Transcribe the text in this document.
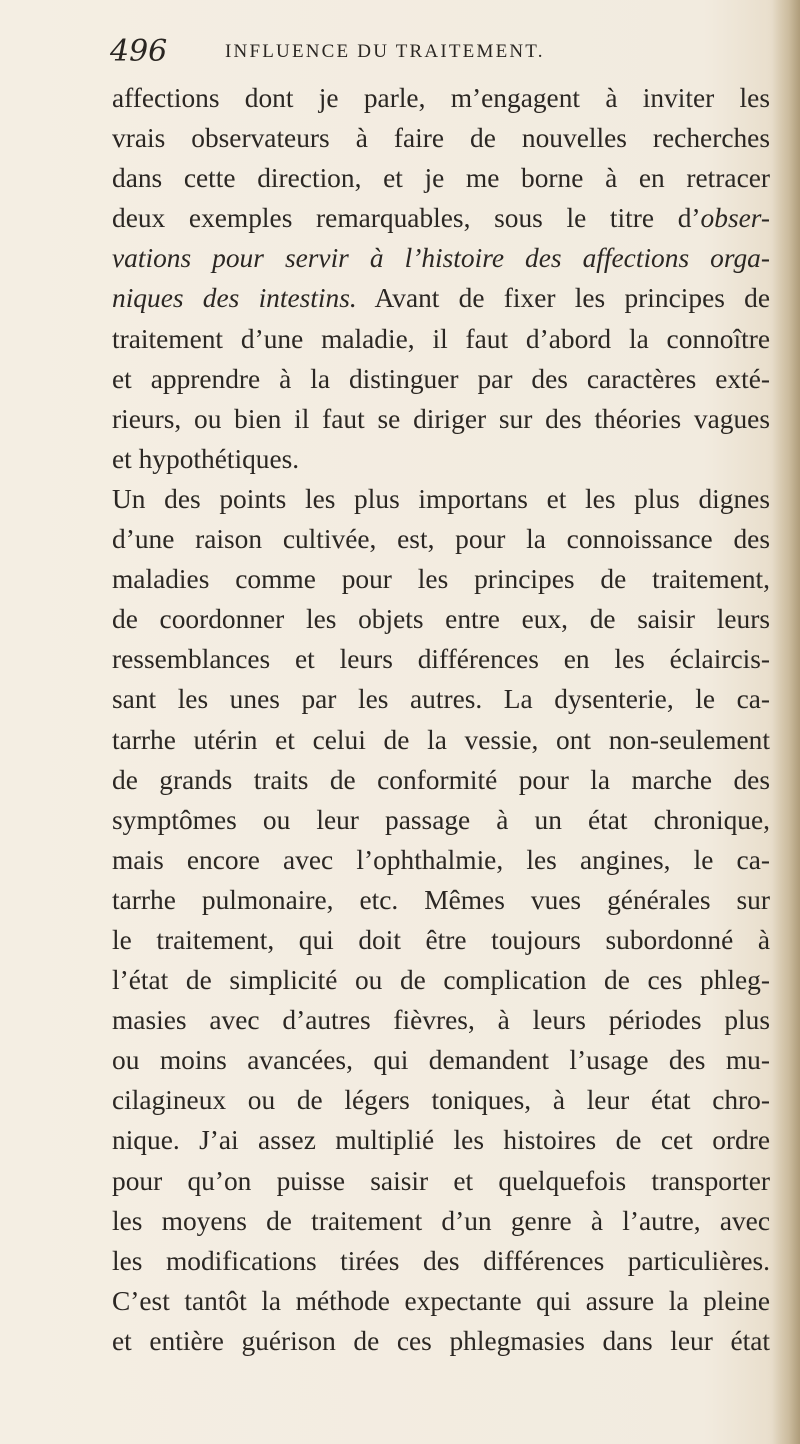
496	INFLUENCE DU TRAITEMENT.
affections dont je parle, m’engagent à inviter les
vrais observateurs à faire de nouvelles recherches
dans cette direction, et je me borne à en retracer
deux exemples remarquables, sous le titre d’obser-
vations pour servir à l’histoire des affections orga-
niques des intestins. Avant de fixer les principes de
traitement d’une maladie, il faut d’abord la connoître
et apprendre à la distinguer par des caractères exté-
rieurs, ou bien il faut se diriger sur des théories vagues
et hypothétiques.
Un des points les plus importans et les plus dignes
d’une raison cultivée, est, pour la connoissance des
maladies comme pour les principes de traitement,
de coordonner les objets entre eux, de saisir leurs
ressemblances et leurs différences en les éclaircis-
sant les unes par les autres. La dysenterie, le ca-
tarrhe utérin et celui de la vessie, ont non-seulement
de grands traits de conformité pour la marche des
symptômes ou leur passage à un état chronique,
mais encore avec l’ophthalmie, les angines, le ca-
tarrhe pulmonaire, etc. Mêmes vues générales sur
le traitement, qui doit être toujours subordonné à
l’état de simplicité ou de complication de ces phleg-
masies avec d’autres fièvres, à leurs périodes plus
ou moins avancées, qui demandent l’usage des mu-
cilagineux ou de légers toniques, à leur état chro-
nique. J’ai assez multiplié les histoires de cet ordre
pour qu’on puisse saisir et quelquefois transporter
les moyens de traitement d’un genre à l’autre, avec
les modifications tirées des différences particulières.
C’est tantôt la méthode expectante qui assure la pleine
et entière guérison de ces phlegmasies dans leur état
